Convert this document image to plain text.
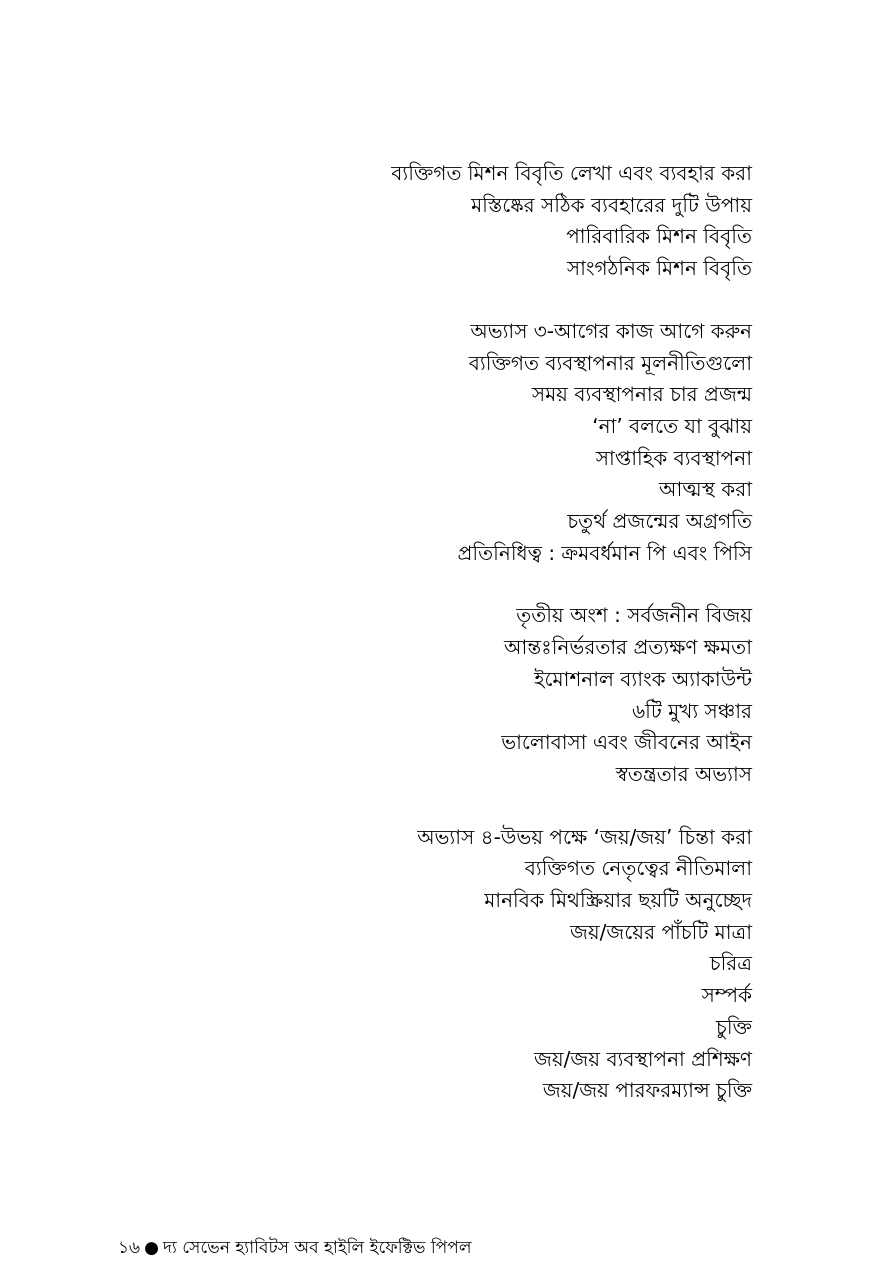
ব্যক্তিগত মিশন বিবৃতি লেখা এবং ব্যবহার করা
মস্তিষ্কের সঠিক ব্যবহারের দুটি উপায়
পারিবারিক মিশন বিবৃতি
সাংগঠনিক মিশন বিবৃতি
অভ্যাস ৩-আগের কাজ আগে করুন
ব্যক্তিগত ব্যবস্থাপনার মূলনীতিগুলো
সময় ব্যবস্থাপনার চার প্রজন্ম
‘না’ বলতে যা বুঝায়
সাপ্তাহিক ব্যবস্থাপনা
আত্মস্থ করা
চতুর্থ প্রজন্মের অগ্রগতি
প্রতিনিধিত্ব : ক্রমবর্ধমান পি এবং পিসি
তৃতীয় অংশ : সর্বজনীন বিজয়
আন্তঃনির্ভরতার প্রত্যক্ষণ ক্ষমতা
ইমোশনাল ব্যাংক অ্যাকাউন্ট
৬টি মুখ্য সঞ্চার
ভালোবাসা এবং জীবনের আইন
স্বতন্ত্রতার অভ্যাস
অভ্যাস ৪-উভয় পক্ষে ‘জয়/জয়’ চিন্তা করা
ব্যক্তিগত নেতৃত্বের নীতিমালা
মানবিক মিথস্ক্রিয়ার ছয়টি অনুচ্ছেদ
জয়/জয়ের পাঁচটি মাত্রা
চরিত্র
সম্পর্ক
চুক্তি
জয়/জয় ব্যবস্থাপনা প্রশিক্ষণ
জয়/জয় পারফরম্যান্স চুক্তি
১৬ ● দ্য সেভেন হ্যাবিটস অব হাইলি ইফেক্টিভ পিপল
